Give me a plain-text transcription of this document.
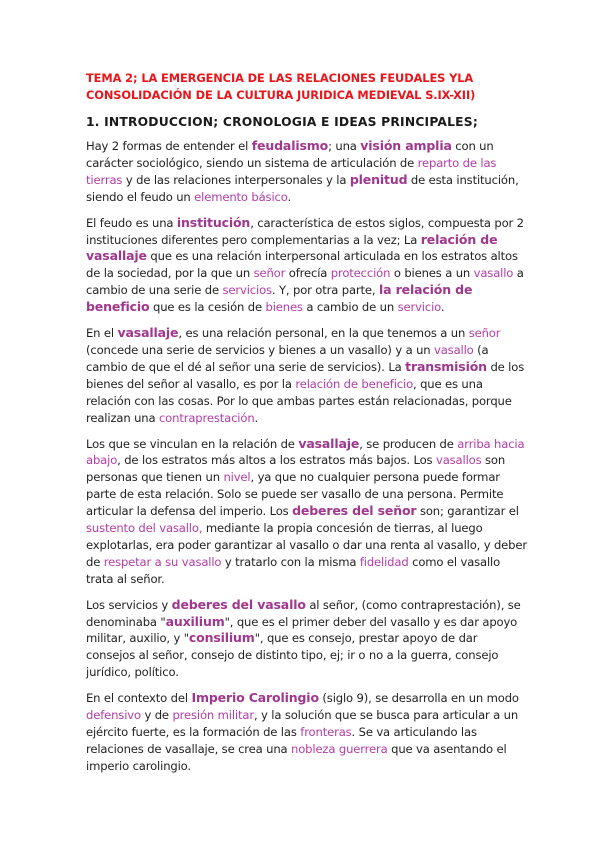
TEMA 2; LA EMERGENCIA DE LAS RELACIONES FEUDALES YLA CONSOLIDACIÓN DE LA CULTURA JURIDICA MEDIEVAL S.IX-XII)

1. INTRODUCCION; CRONOLOGIA E IDEAS PRINCIPALES;

Hay 2 formas de entender el feudalismo; una visión amplia con un carácter sociológico, siendo un sistema de articulación de reparto de las tierras y de las relaciones interpersonales y la plenitud de esta institución, siendo el feudo un elemento básico.

El feudo es una institución, característica de estos siglos, compuesta por 2 instituciones diferentes pero complementarias a la vez; La relación de vasallaje que es una relación interpersonal articulada en los estratos altos de la sociedad, por la que un señor ofrecía protección o bienes a un vasallo a cambio de una serie de servicios. Y, por otra parte, la relación de beneficio que es la cesión de bienes a cambio de un servicio.

En el vasallaje, es una relación personal, en la que tenemos a un señor (concede una serie de servicios y bienes a un vasallo) y a un vasallo (a cambio de que el dé al señor una serie de servicios). La transmisión de los bienes del señor al vasallo, es por la relación de beneficio, que es una relación con las cosas. Por lo que ambas partes están relacionadas, porque realizan una contraprestación.

Los que se vinculan en la relación de vasallaje, se producen de arriba hacia abajo, de los estratos más altos a los estratos más bajos. Los vasallos son personas que tienen un nivel, ya que no cualquier persona puede formar parte de esta relación. Solo se puede ser vasallo de una persona. Permite articular la defensa del imperio. Los deberes del señor son; garantizar el sustento del vasallo, mediante la propia concesión de tierras, al luego explotarlas, era poder garantizar al vasallo o dar una renta al vasallo, y deber de respetar a su vasallo y tratarlo con la misma fidelidad como el vasallo trata al señor.

Los servicios y deberes del vasallo al señor, (como contraprestación), se denominaba "auxilium", que es el primer deber del vasallo y es dar apoyo militar, auxilio, y "consilium", que es consejo, prestar apoyo de dar consejos al señor, consejo de distinto tipo, ej; ir o no a la guerra, consejo jurídico, político.

En el contexto del Imperio Carolingio (siglo 9), se desarrolla en un modo defensivo y de presión militar, y la solución que se busca para articular a un ejército fuerte, es la formación de las fronteras. Se va articulando las relaciones de vasallaje, se crea una nobleza guerrera que va asentando el imperio carolingio.
